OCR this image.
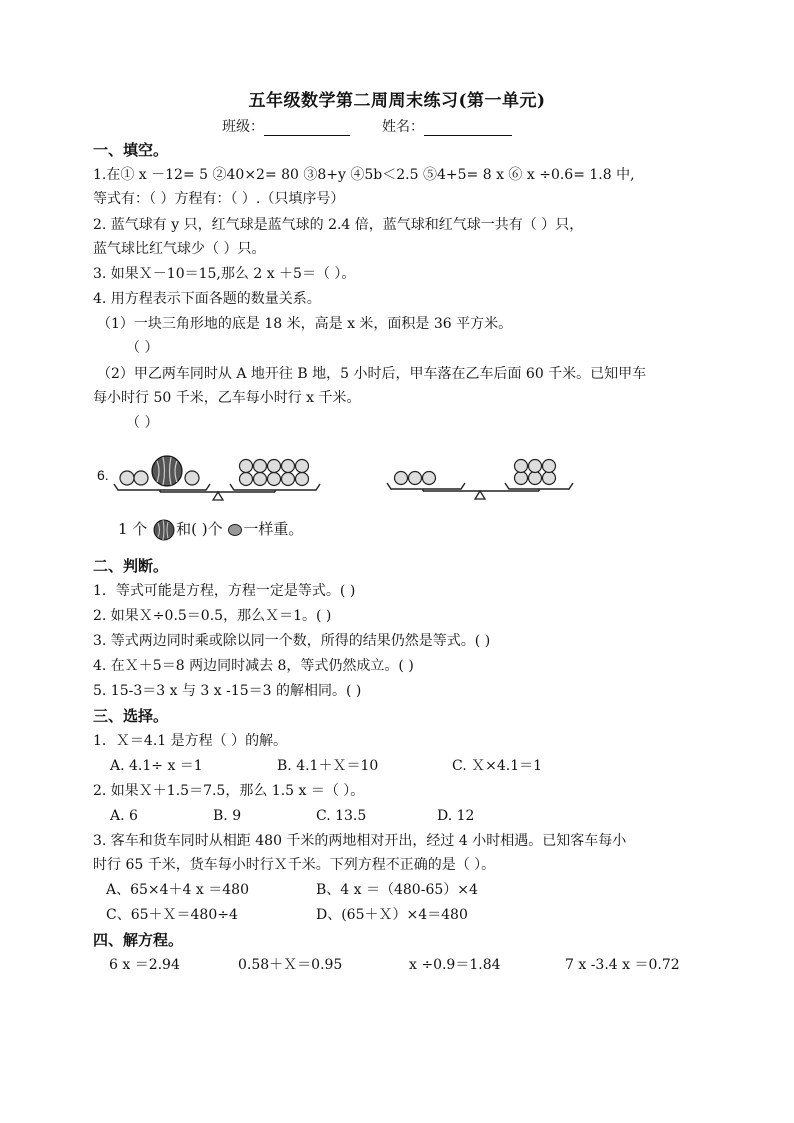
五年级数学第二周周末练习(第一单元)
班级：	姓名：
一、填空。
1.在① x －12= 5 ②40×2= 80 ③8+y ④5b＜2.5 ⑤4+5= 8 x ⑥ x ÷0.6= 1.8 中,
等式有：（ ）方程有：（ ）.（只填序号）
2. 蓝气球有 y 只，红气球是蓝气球的 2.4 倍，蓝气球和红气球一共有（ ）只，
蓝气球比红气球少（ ）只。
3. 如果Ｘ－10＝15,那么 2 x ＋5＝（ ）。
4. 用方程表示下面各题的数量关系。
（1）一块三角形地的底是 18 米，高是 x 米，面积是 36 平方米。
（ ）
（2）甲乙两车同时从 A 地开往 B 地，5 小时后，甲车落在乙车后面 60 千米。已知甲车
每小时行 50 千米，乙车每小时行 x 千米。
（ ）
6.
1 个 和( )个 一样重。
二、判断。
1．等式可能是方程，方程一定是等式。( )
2. 如果Ｘ÷0.5＝0.5，那么Ｘ＝1。( )
3. 等式两边同时乘或除以同一个数，所得的结果仍然是等式。( )
4. 在Ｘ＋5＝8 两边同时减去 8，等式仍然成立。( )
5. 15-3＝3 x 与 3 x -15＝3 的解相同。( )
三、选择。
1．Ｘ＝4.1 是方程（ ）的解。
A. 4.1÷ x ＝1	B. 4.1＋Ｘ＝10	C. Ｘ×4.1＝1
2. 如果Ｘ＋1.5＝7.5，那么 1.5 x ＝（ ）。
A. 6	B. 9	C. 13.5	D. 12
3. 客车和货车同时从相距 480 千米的两地相对开出，经过 4 小时相遇。已知客车每小
时行 65 千米，货车每小时行Ｘ千米。下列方程不正确的是（ ）。
A、65×4＋4 x ＝480	B、4 x ＝（480-65）×4
C、65＋Ｘ＝480÷4	D、(65＋Ｘ）×4＝480
四、解方程。
6 x ＝2.94	0.58＋Ｘ＝0.95	x ÷0.9＝1.84	7 x -3.4 x ＝0.72
